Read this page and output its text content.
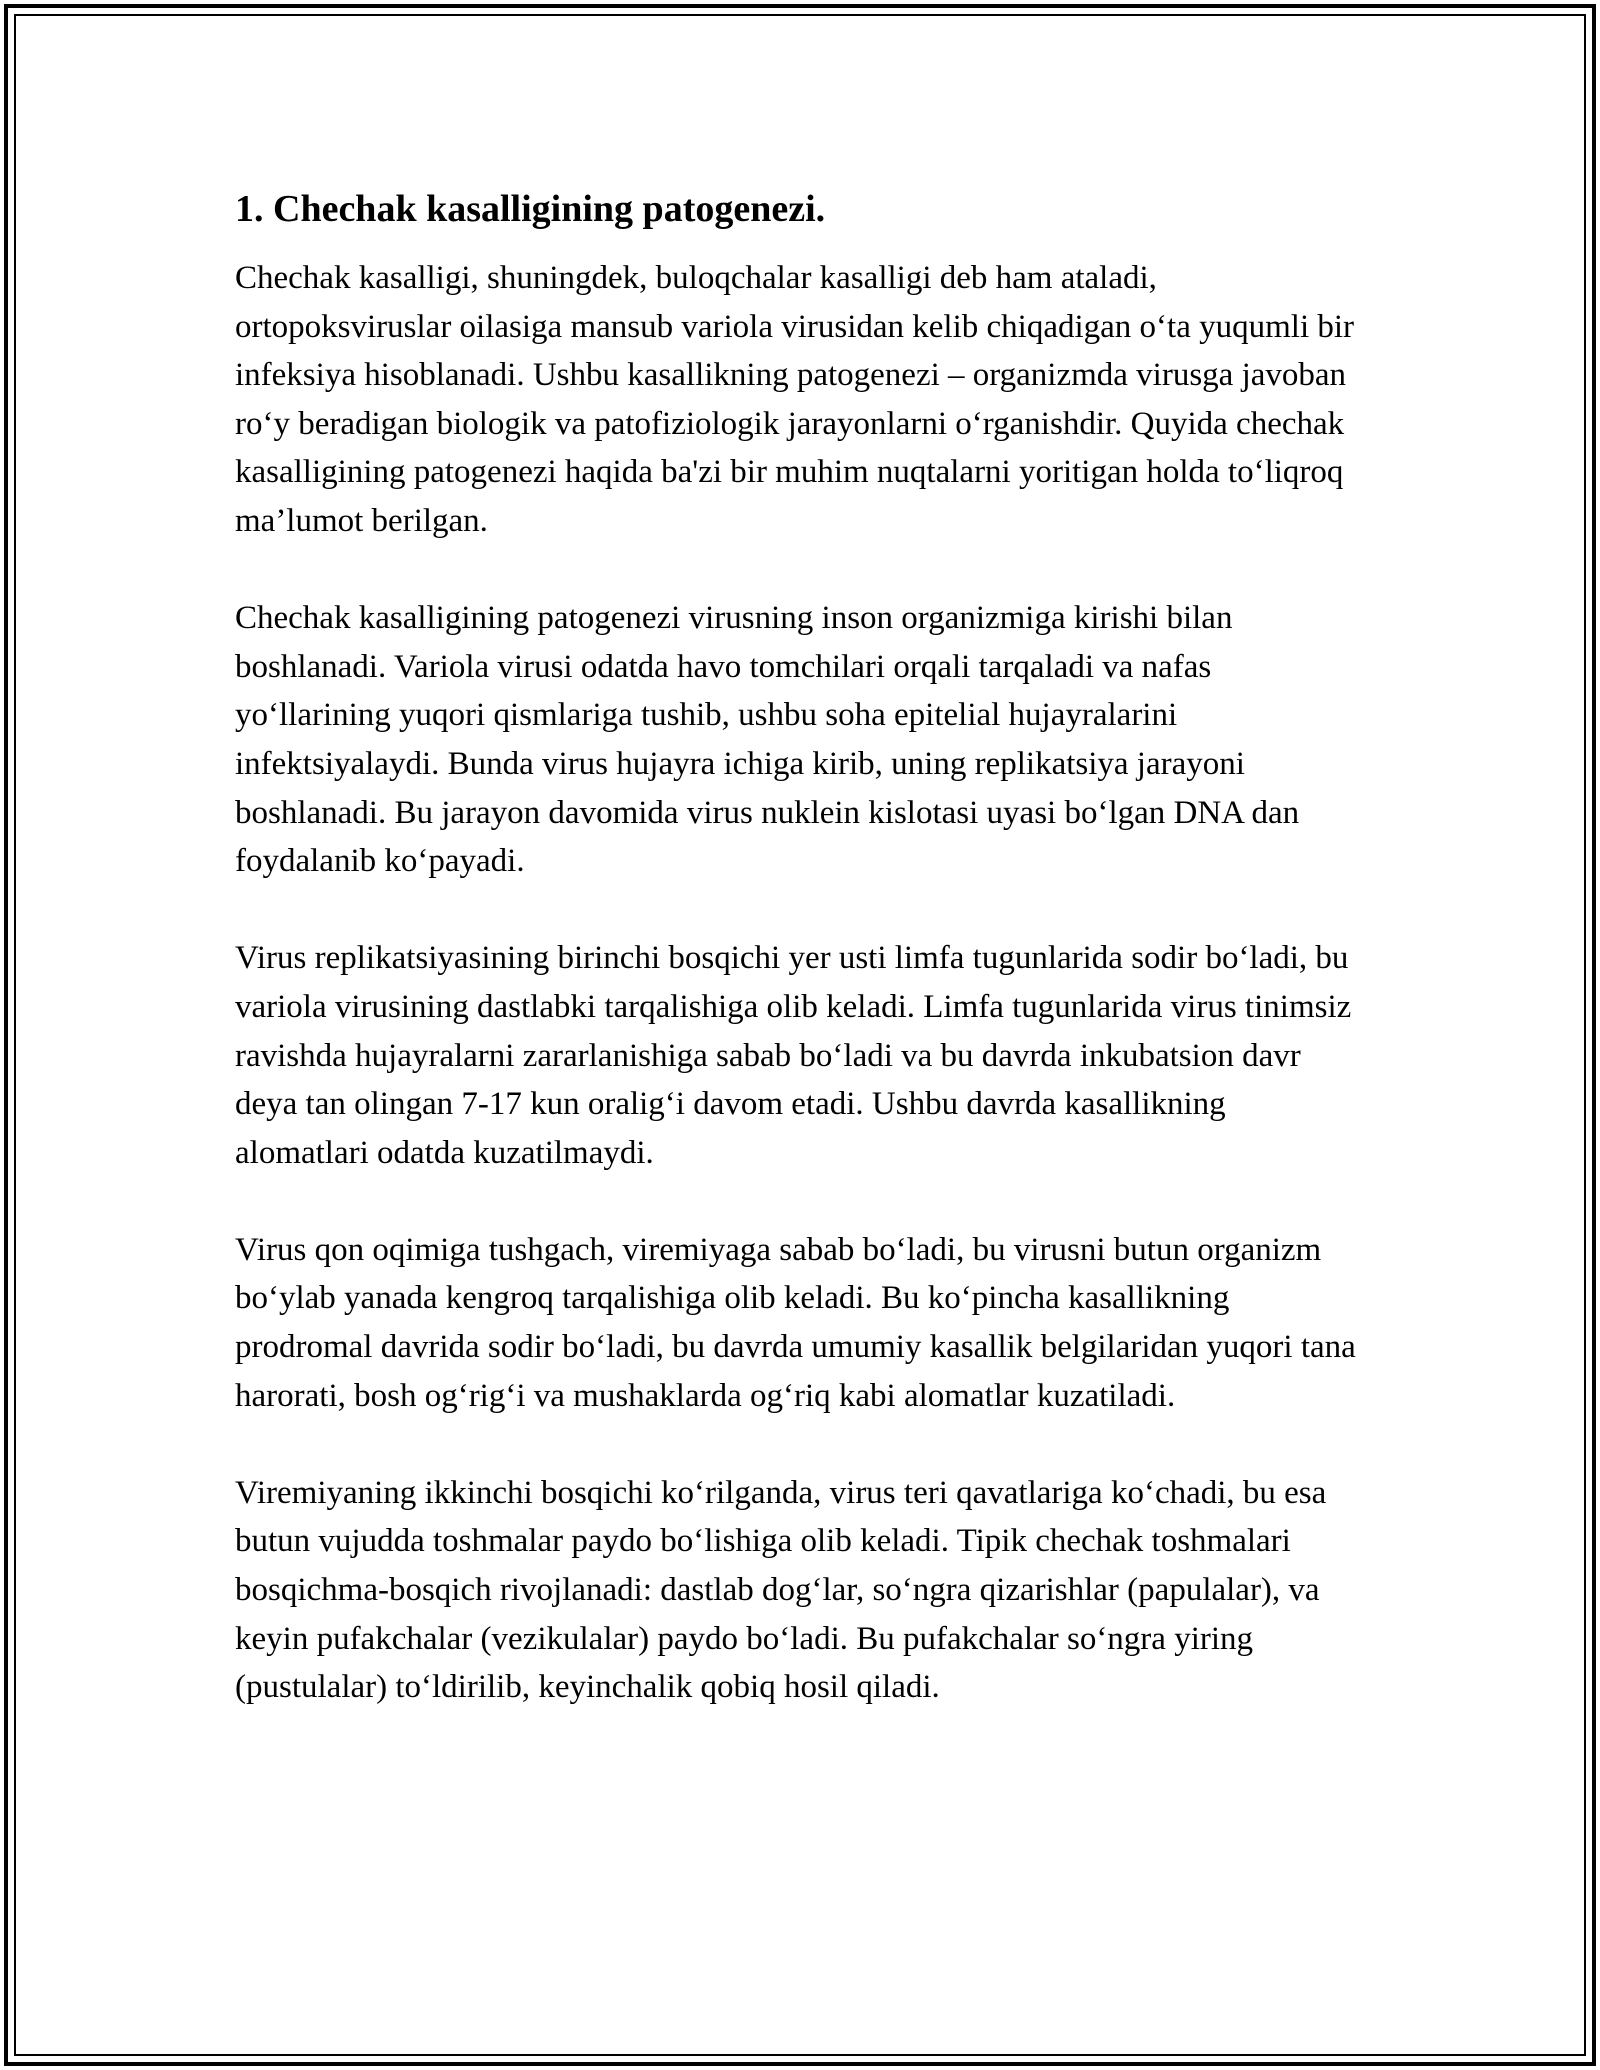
1. Chechak kasalligining patogenezi.

Chechak kasalligi, shuningdek, buloqchalar kasalligi deb ham ataladi, ortopoksviruslar oilasiga mansub variola virusidan kelib chiqadigan o‘ta yuqumli bir infeksiya hisoblanadi. Ushbu kasallikning patogenezi – organizmda virusga javoban ro‘y beradigan biologik va patofiziologik jarayonlarni o‘rganishdir. Quyida chechak kasalligining patogenezi haqida ba'zi bir muhim nuqtalarni yoritigan holda to‘liqroq ma’lumot berilgan.

Chechak kasalligining patogenezi virusning inson organizmiga kirishi bilan boshlanadi. Variola virusi odatda havo tomchilari orqali tarqaladi va nafas yo‘llarining yuqori qismlariga tushib, ushbu soha epitelial hujayralarini infektsiyalaydi. Bunda virus hujayra ichiga kirib, uning replikatsiya jarayoni boshlanadi. Bu jarayon davomida virus nuklein kislotasi uyasi bo‘lgan DNA dan foydalanib ko‘payadi.

Virus replikatsiyasining birinchi bosqichi yer usti limfa tugunlarida sodir bo‘ladi, bu variola virusining dastlabki tarqalishiga olib keladi. Limfa tugunlarida virus tinimsiz ravishda hujayralarni zararlanishiga sabab bo‘ladi va bu davrda inkubatsion davr deya tan olingan 7-17 kun oralig‘i davom etadi. Ushbu davrda kasallikning alomatlari odatda kuzatilmaydi.

Virus qon oqimiga tushgach, viremiyaga sabab bo‘ladi, bu virusni butun organizm bo‘ylab yanada kengroq tarqalishiga olib keladi. Bu ko‘pincha kasallikning prodromal davrida sodir bo‘ladi, bu davrda umumiy kasallik belgilaridan yuqori tana harorati, bosh og‘rig‘i va mushaklarda og‘riq kabi alomatlar kuzatiladi.

Viremiyaning ikkinchi bosqichi ko‘rilganda, virus teri qavatlariga ko‘chadi, bu esa butun vujudda toshmalar paydo bo‘lishiga olib keladi. Tipik chechak toshmalari bosqichma-bosqich rivojlanadi: dastlab dog‘lar, so‘ngra qizarishlar (papulalar), va keyin pufakchalar (vezikulalar) paydo bo‘ladi. Bu pufakchalar so‘ngra yiring (pustulalar) to‘ldirilib, keyinchalik qobiq hosil qiladi.
